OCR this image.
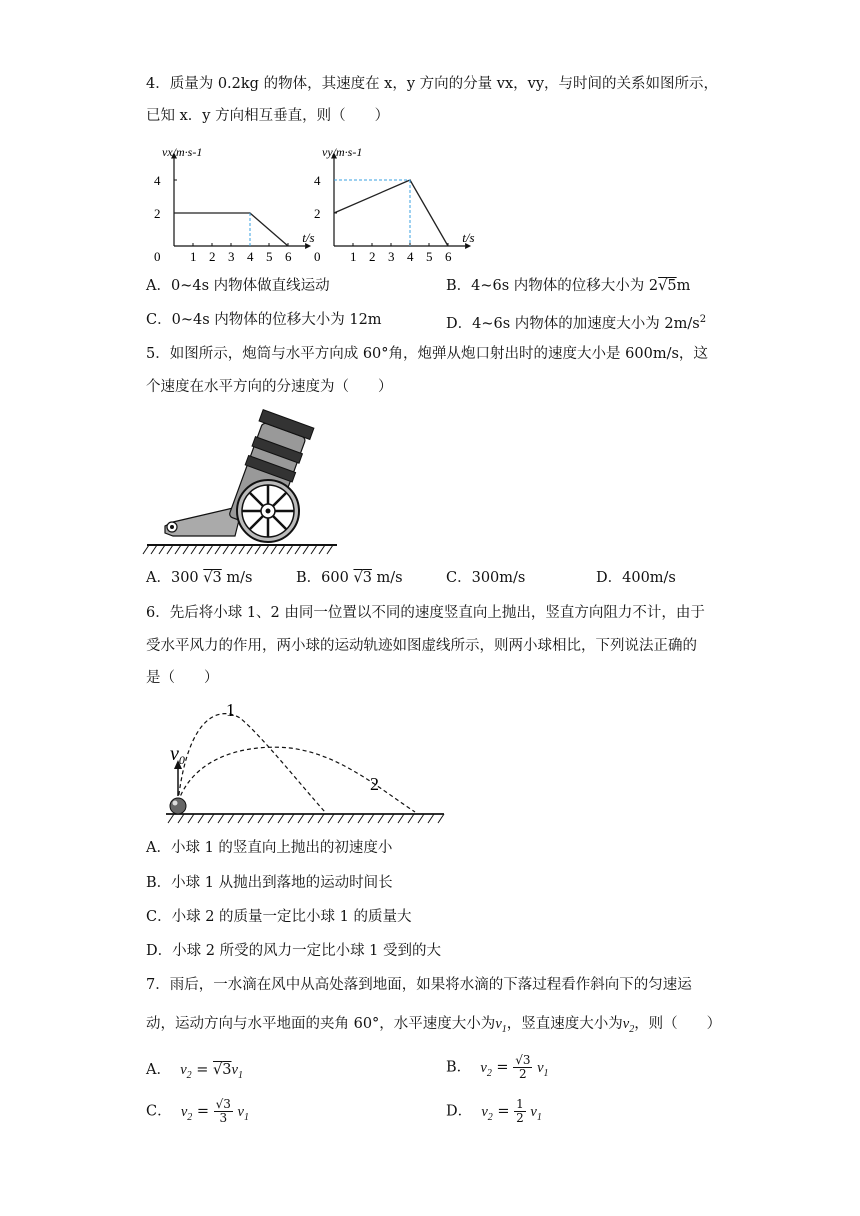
4．质量为 0.2kg 的物体，其速度在 x，y 方向的分量 vx，vy，与时间的关系如图所示，
已知 x．y 方向相互垂直，则（　　）
1 2 3 4 5 6
0
2
4
vx/m·s-1
t/s
1 2 3 4 5 6
0
2
4
vy/m·s-1
t/s
A．0~4s 内物体做直线运动	B．4~6s 内物体的位移大小为 2√5m
C．0~4s 内物体的位移大小为 12m	D．4~6s 内物体的加速度大小为 $2m/s^2$
5．如图所示，炮筒与水平方向成 60°角，炮弹从炮口射出时的速度大小是 600m/s，这
个速度在水平方向的分速度为（　　）
A．300 √3 m/s	B．600 √3 m/s	C．300m/s	D．400m/s
6．先后将小球 1、2 由同一位置以不同的速度竖直向上抛出，竖直方向阻力不计，由于
受水平风力的作用，两小球的运动轨迹如图虚线所示，则两小球相比，下列说法正确的
是（　　）
$v_0$
1
2
A．小球 1 的竖直向上抛出的初速度小
B．小球 1 从抛出到落地的运动时间长
C．小球 2 的质量一定比小球 1 的质量大
D．小球 2 所受的风力一定比小球 1 受到的大
7．雨后，一水滴在风中从高处落到地面，如果将水滴的下落过程看作斜向下的匀速运
动，运动方向与水平地面的夹角 60°，水平速度大小为$v_1$，竖直速度大小为$v_2$，则（　　）
A． $v_2 = √3v_1$	B． $v_2 = \frac{√3}{2} v_1$
C． $v_2 = \frac{√3}{3} v_1$	D． $v_2 = \frac{1}{2} v_1$
